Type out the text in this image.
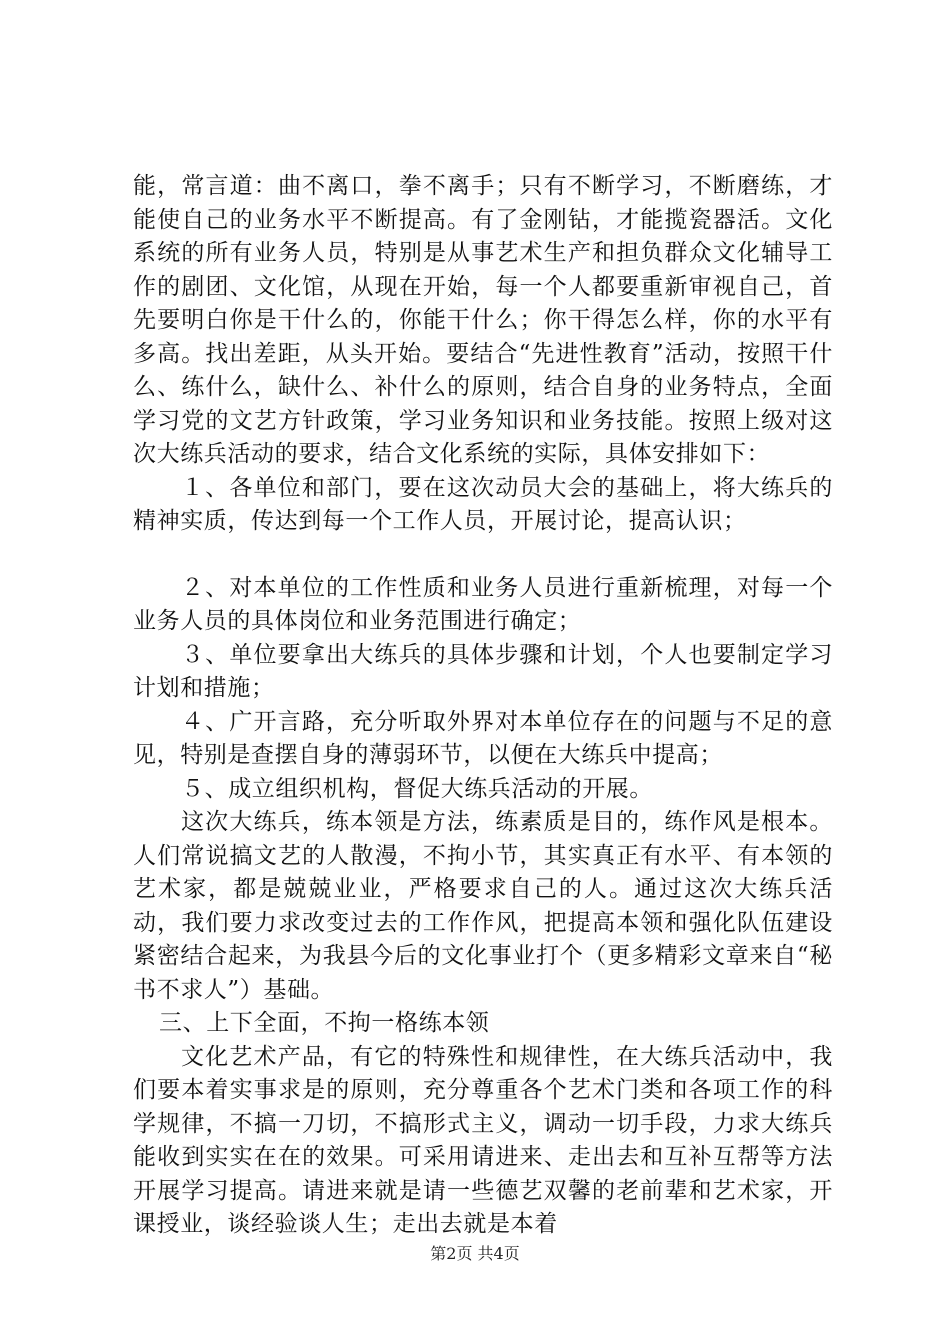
能，常言道：曲不离口，拳不离手；只有不断学习，不断磨练，才能使自己的业务水平不断提高。有了金刚钻，才能揽瓷器活。文化系统的所有业务人员，特别是从事艺术生产和担负群众文化辅导工作的剧团、文化馆，从现在开始，每一个人都要重新审视自己，首先要明白你是干什么的，你能干什么；你干得怎么样，你的水平有多高。找出差距，从头开始。要结合“先进性教育”活动，按照干什么、练什么，缺什么、补什么的原则，结合自身的业务特点，全面学习党的文艺方针政策，学习业务知识和业务技能。按照上级对这次大练兵活动的要求，结合文化系统的实际，具体安排如下：

１、各单位和部门，要在这次动员大会的基础上，将大练兵的精神实质，传达到每一个工作人员，开展讨论，提高认识；

２、对本单位的工作性质和业务人员进行重新梳理，对每一个业务人员的具体岗位和业务范围进行确定；

３、单位要拿出大练兵的具体步骤和计划，个人也要制定学习计划和措施；

４、广开言路，充分听取外界对本单位存在的问题与不足的意见，特别是查摆自身的薄弱环节，以便在大练兵中提高；

５、成立组织机构，督促大练兵活动的开展。

这次大练兵，练本领是方法，练素质是目的，练作风是根本。人们常说搞文艺的人散漫，不拘小节，其实真正有水平、有本领的艺术家，都是兢兢业业，严格要求自己的人。通过这次大练兵活动，我们要力求改变过去的工作作风，把提高本领和强化队伍建设紧密结合起来，为我县今后的文化事业打个（更多精彩文章来自“秘书不求人”）基础。

三、上下全面，不拘一格练本领

文化艺术产品，有它的特殊性和规律性，在大练兵活动中，我们要本着实事求是的原则，充分尊重各个艺术门类和各项工作的科学规律，不搞一刀切，不搞形式主义，调动一切手段，力求大练兵能收到实实在在的效果。可采用请进来、走出去和互补互帮等方法开展学习提高。请进来就是请一些德艺双馨的老前辈和艺术家，开课授业，谈经验谈人生；走出去就是本着

第2页 共4页
